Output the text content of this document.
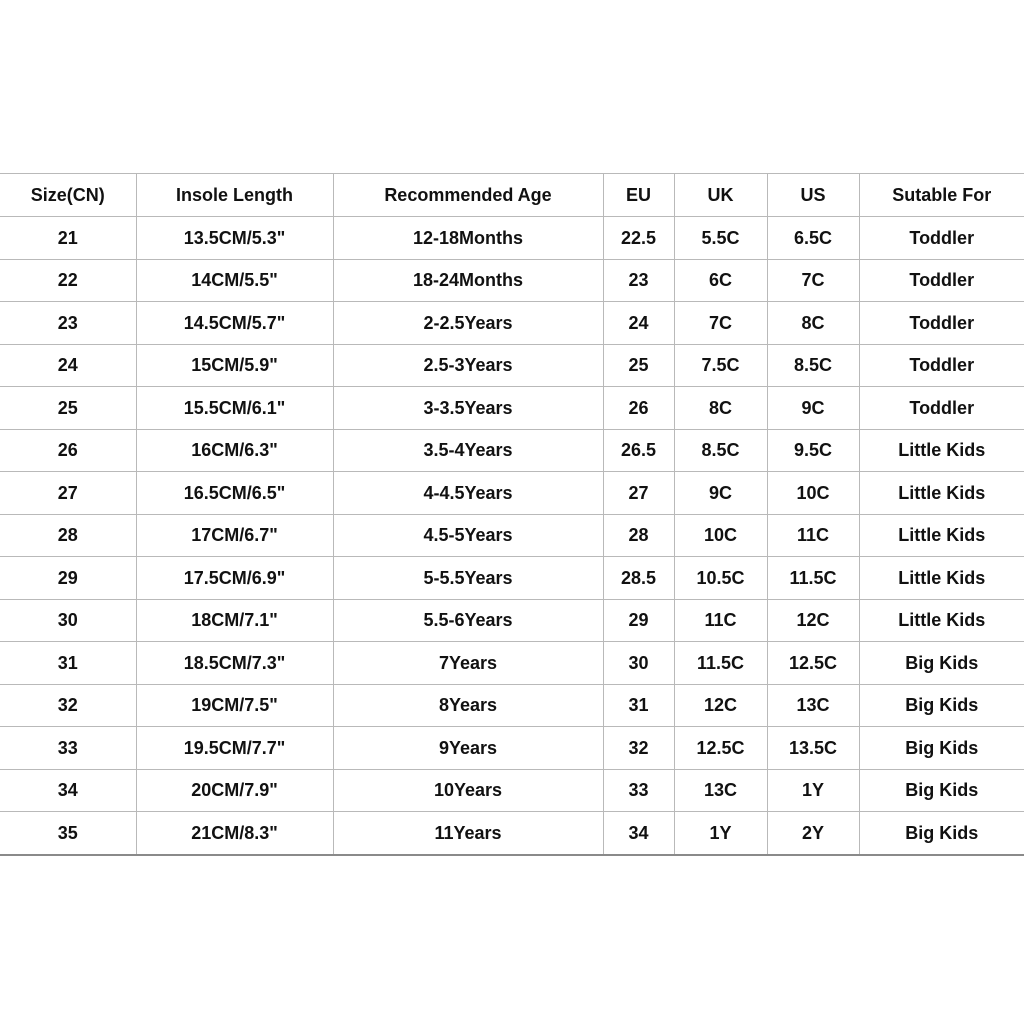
Size(CN)	Insole Length	Recommended Age	EU	UK	US	Sutable For
21	13.5CM/5.3"	12-18Months	22.5	5.5C	6.5C	Toddler
22	14CM/5.5"	18-24Months	23	6C	7C	Toddler
23	14.5CM/5.7"	2-2.5Years	24	7C	8C	Toddler
24	15CM/5.9"	2.5-3Years	25	7.5C	8.5C	Toddler
25	15.5CM/6.1"	3-3.5Years	26	8C	9C	Toddler
26	16CM/6.3"	3.5-4Years	26.5	8.5C	9.5C	Little Kids
27	16.5CM/6.5"	4-4.5Years	27	9C	10C	Little Kids
28	17CM/6.7"	4.5-5Years	28	10C	11C	Little Kids
29	17.5CM/6.9"	5-5.5Years	28.5	10.5C	11.5C	Little Kids
30	18CM/7.1"	5.5-6Years	29	11C	12C	Little Kids
31	18.5CM/7.3"	7Years	30	11.5C	12.5C	Big Kids
32	19CM/7.5"	8Years	31	12C	13C	Big Kids
33	19.5CM/7.7"	9Years	32	12.5C	13.5C	Big Kids
34	20CM/7.9"	10Years	33	13C	1Y	Big Kids
35	21CM/8.3"	11Years	34	1Y	2Y	Big Kids
